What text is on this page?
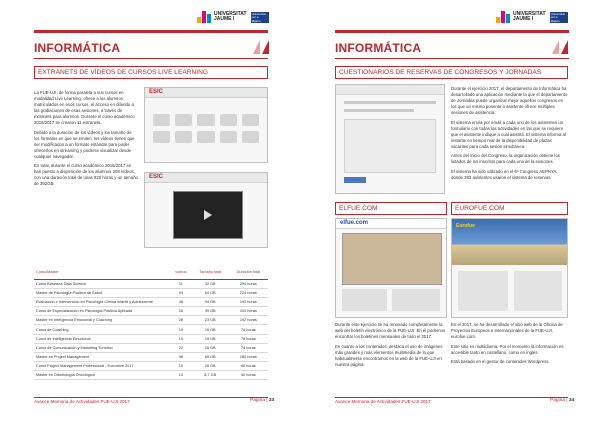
UNIVERSITAT
JAUME I
Universitat per a Majors
INFORMÁTICA
EXTRANETS DE VÍDEOS DE CURSOS LIVE LEARNING

La FUE-UJI, de forma paralela a sus cursos en modalidad Live Learning, ofrece a los alumnos matriculados en esos cursos, el acceso en diferido a las grabaciones de esas sesiones, a través de extranets para alumnos. Durante el curso académico 2016/2017 se crearon 11 extranets.

Debido a la duración de los vídeos y los tamaño de los formatos en que se emiten, los vídeos tienen que ser modificados a un formato estándar para poder ofrecerlos en streaming y poderse visualizar desde cualquier navegador.

En total, durante el curso académico 2016/2017 se han puesto a disposición de los alumnos 208 vídeos, con una duración total de unas 820 horas y un tamaño de 392GB.

ESIC
ESIC
Curso/Master	vídeos	Tamaño total	Duración total
Curso Business Data Science	11	32 GB	294 horas
Máster de Psicología Positiva de Salud	93	64 GB	224 horas
Evaluación e Intervención en Psicología Clínica Infantil y Adolescente	48	94 GB	192 horas
Curso de Especialización en Psicología Positiva Aplicada	26	39 GB	100 horas
Máster en Inteligencia Emocional y Coaching	28	23 GB	102 horas
Curso de Coaching	19	16 GB	74 horas
Curso de Inteligencia Emocional	19	15 GB	76 horas
Curso de Comunicación y Marketing Turístico	22	16 GB	74 horas
Máster en Project Management	46	65 GB	180 horas
Curso Project Management Professional - Executive 2017	10	16 GB	60 horas
Máster en Odontología Oncológica	10	8,7 GB	40 horas
Avance Memoria de Actividades FUE-UJI 2017	Página | 33
UNIVERSITAT
JAUME I
Universitat per a Majors
INFORMÁTICA
CUESTIONARIOS DE RESERVAS DE CONGRESOS Y JORNADAS

Durante el ejercicio 2017, el departamento de Informática ha desarrollado una aplicación mediante la que el departamento de Jornadas puede organizar mejor aquellos congresos en los que un mismo ponente o asistente ofrece múltiples sesiones de asistencia.

El sistema envía por email a cada uno de los asistentes un formulario con todas las actividades en las que se requiere que el asistente indique a cuál asistirá. El sistema informa al instante en tiempo real de la disponibilidad de plazas vacantes para cada sesión simultánea.

Antes del inicio del Congreso, la organización obtiene los listados de los inscritos para cada una de la sesiones.

El sistema ha sido utilizado en el 6º Congreso AEPNYA, donde 393 asistentes usaron el sistema de reservas.

ELFUE.COM	EUROFUE.COM
elfue.com	Eurofue

Durante este ejercicio se ha renovado completamente la web del boletín electrónico de la FUE-UJI. En él podemos encontrar los boletines mensuales de todo el 2017.

En cuanto a los contenidos, destaca el uso de imágenes más grandes y más elementos multimedia de lo que habitualmente encontramos en la web de la FUE-UJI en nuestra página.

En el 2017, se ha desarrollado el sitio web de la Oficina de Proyectos Europeos e Internacionales de la FUE-UJI, eurofue.com.

Este sitio es multiidioma. Por el momento la información es accesible tanto en castellano, como en inglés.

Está basado en el gestor de contenidos Wordpress.

Avance Memoria de Actividades FUE-UJI 2017	Página | 34
